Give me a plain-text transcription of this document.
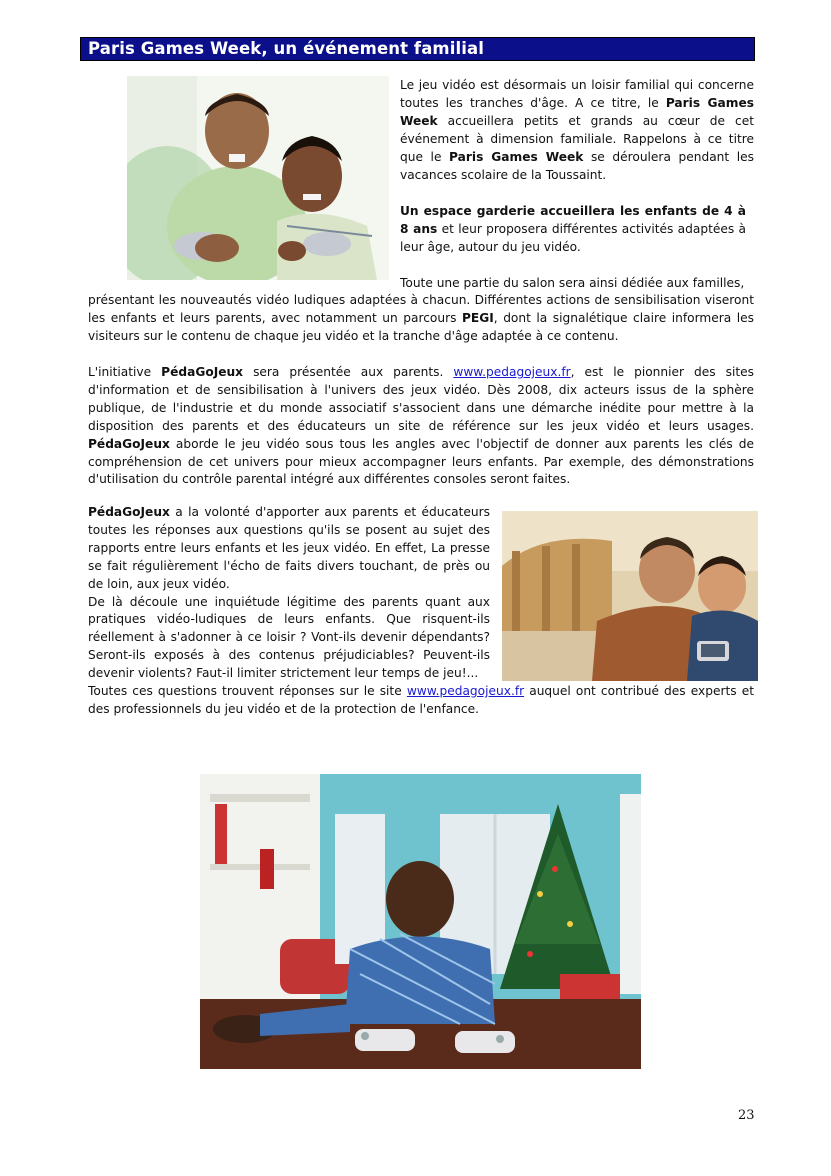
Paris Games Week, un événement familial
Le jeu vidéo est désormais un loisir familial qui concerne toutes les tranches d'âge. A ce titre, le Paris Games Week accueillera petits et grands au cœur de cet événement à dimension familiale. Rappelons à ce titre que le Paris Games Week se déroulera pendant les vacances scolaire de la Toussaint.
Un espace garderie accueillera les enfants de 4 à 8 ans et leur proposera différentes activités adaptées à leur âge, autour du jeu vidéo.
Toute une partie du salon sera ainsi dédiée aux familles,
présentant les nouveautés vidéo ludiques adaptées à chacun. Différentes actions de sensibilisation viseront les enfants et leurs parents, avec notamment un parcours PEGI, dont la signalétique claire informera les visiteurs sur le contenu de chaque jeu vidéo et la tranche d'âge adaptée à ce contenu.
L'initiative PédaGoJeux sera présentée aux parents. www.pedagojeux.fr, est le pionnier des sites d'information et de sensibilisation à l'univers des jeux vidéo. Dès 2008, dix acteurs issus de la sphère publique, de l'industrie et du monde associatif s'associent dans une démarche inédite pour mettre à la disposition des parents et des éducateurs un site de référence sur les jeux vidéo et leurs usages. PédaGoJeux aborde le jeu vidéo sous tous les angles avec l'objectif de donner aux parents les clés de compréhension de cet univers pour mieux accompagner leurs enfants. Par exemple, des démonstrations d'utilisation du contrôle parental intégré aux différentes consoles seront faites.
PédaGoJeux a la volonté d'apporter aux parents et éducateurs toutes les réponses aux questions qu'ils se posent au sujet des rapports entre leurs enfants et les jeux vidéo. En effet, La presse se fait régulièrement l'écho de faits divers touchant, de près ou de loin, aux jeux vidéo.
De là découle une inquiétude légitime des parents quant aux pratiques vidéo-ludiques de leurs enfants. Que risquent-ils réellement à s'adonner à ce loisir ? Vont-ils devenir dépendants? Seront-ils exposés à des contenus préjudiciables? Peuvent-ils devenir violents? Faut-il limiter strictement leur temps de jeu!...
Toutes ces questions trouvent réponses sur le site www.pedagojeux.fr auquel ont contribué des experts et des professionnels du jeu vidéo et de la protection de l'enfance.
23
